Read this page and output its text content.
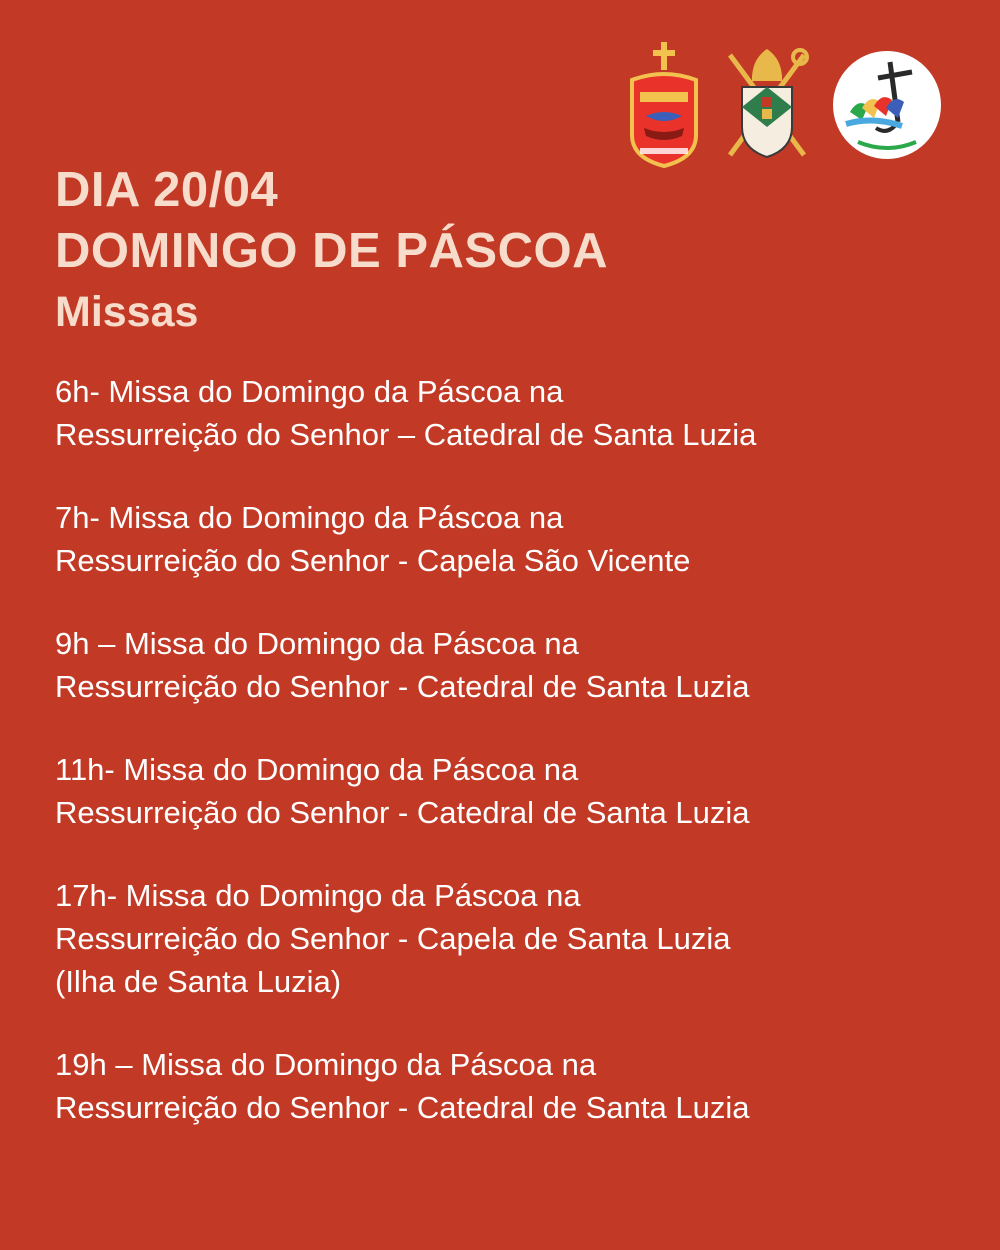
DIA 20/04
DOMINGO DE PÁSCOA
Missas
6h- Missa do Domingo da Páscoa na
Ressurreição do Senhor – Catedral de Santa Luzia
7h- Missa do Domingo da Páscoa na
Ressurreição do Senhor - Capela São Vicente
9h – Missa do Domingo da Páscoa na
Ressurreição do Senhor - Catedral de Santa Luzia
11h- Missa do Domingo da Páscoa na
Ressurreição do Senhor - Catedral de Santa Luzia
17h- Missa do Domingo da Páscoa na
Ressurreição do Senhor - Capela de Santa Luzia
(Ilha de Santa Luzia)
19h – Missa do Domingo da Páscoa na
Ressurreição do Senhor - Catedral de Santa Luzia
